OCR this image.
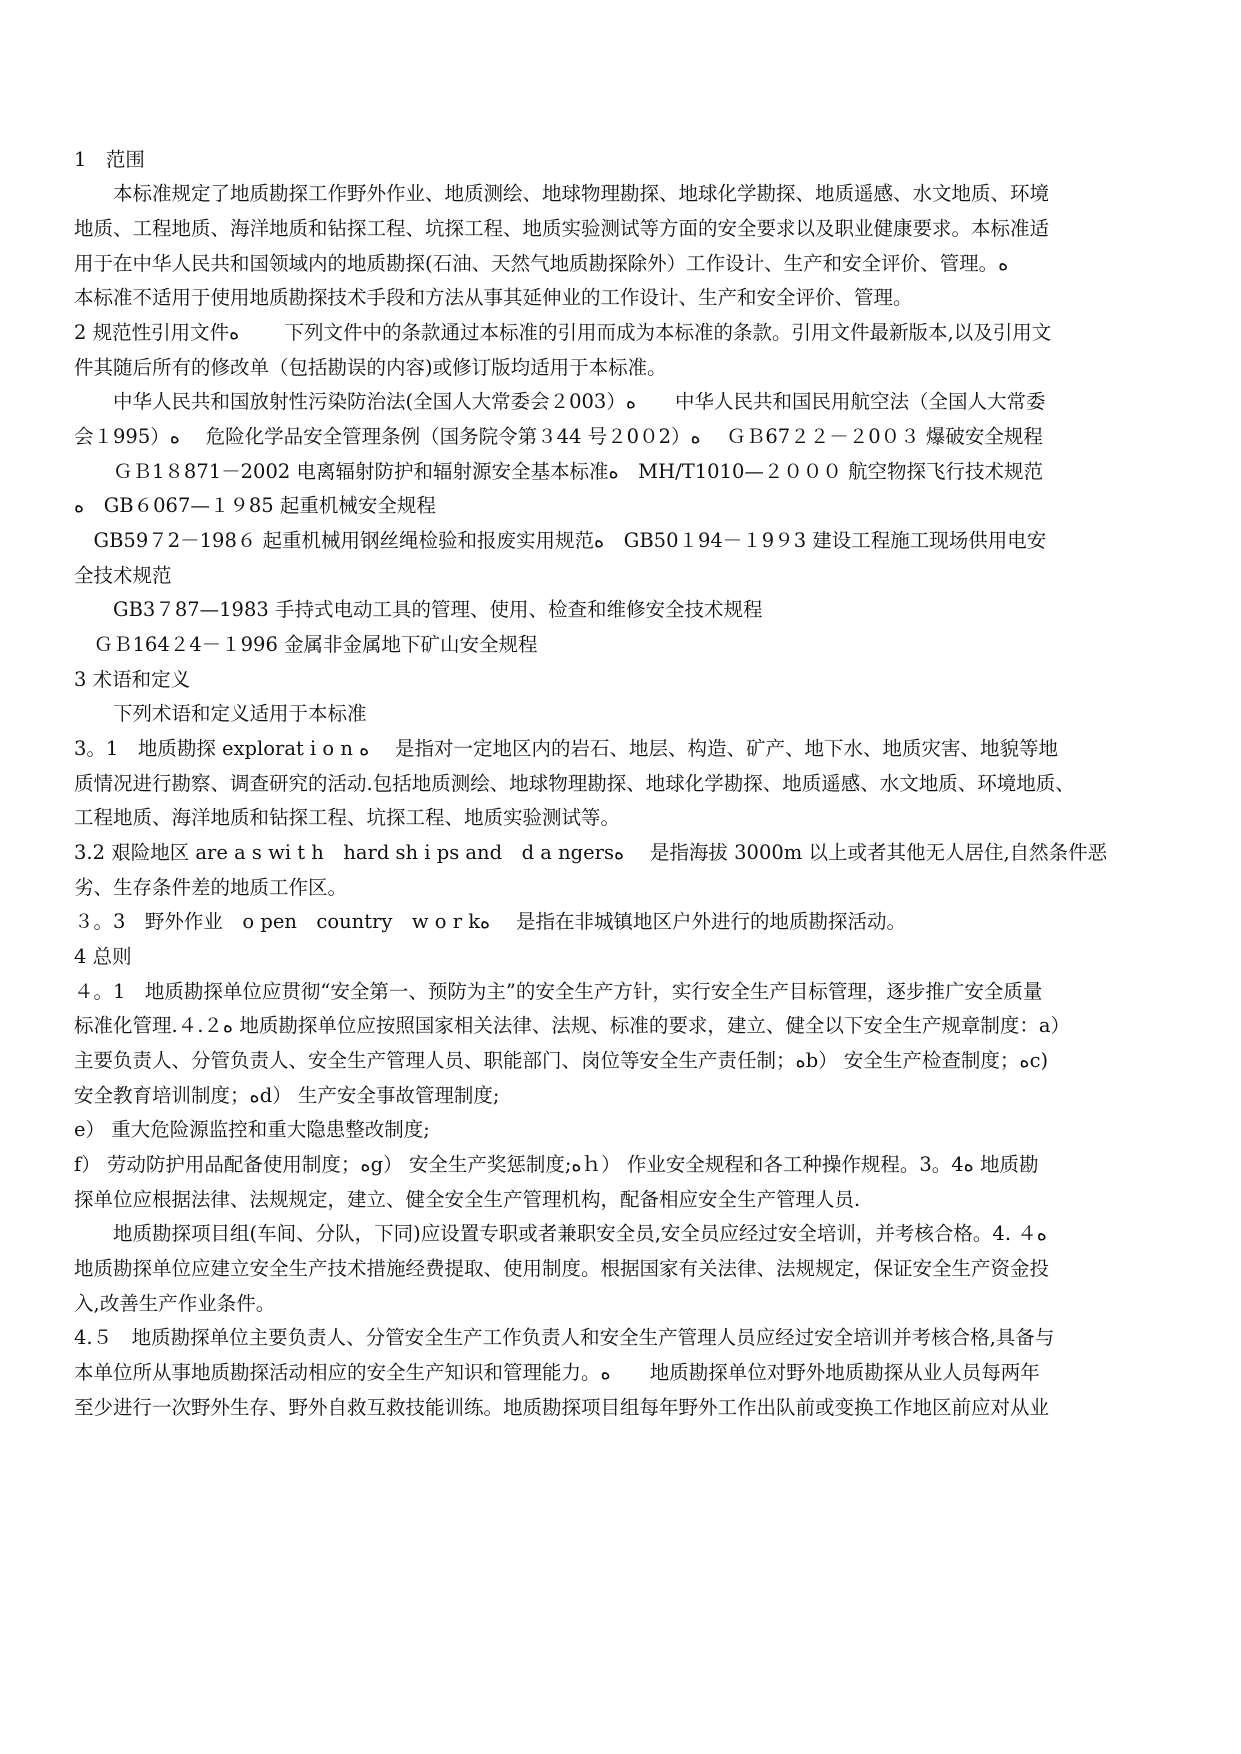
1　范围
　　本标准规定了地质勘探工作野外作业、地质测绘、地球物理勘探、地球化学勘探、地质遥感、水文地质、环境
地质、工程地质、海洋地质和钻探工程、坑探工程、地质实验测试等方面的安全要求以及职业健康要求。本标准适
用于在中华人民共和国领域内的地质勘探(石油、天然气地质勘探除外）工作设计、生产和安全评价、管理。ە
本标准不适用于使用地质勘探技术手段和方法从事其延伸业的工作设计、生产和安全评价、管理。
2 规范性引用文件ە　　 下列文件中的条款通过本标准的引用而成为本标准的条款。引用文件最新版本,以及引用文
件其随后所有的修改单（包括勘误的内容)或修订版均适用于本标准。
　　中华人民共和国放射性污染防治法(全国人大常委会２003）ە　　中华人民共和国民用航空法（全国人大常委
会１995）ە　 危险化学品安全管理条例（国务院令第３44 号２0０2）ە　 ＧＢ67２２－２0０３ 爆破安全规程
　　ＧＢ1８871－2002 电离辐射防护和辐射源安全基本标准ە　MH/T1010—２０００ 航空物探飞行技术规范
ە　GB６067—１９85 起重机械安全规程
　GB59７2－198６ 起重机械用钢丝绳检验和报废实用规范ە　GB50１94－１9９3 建设工程施工现场供用电安
全技术规范
　　GB3７87—1983 手持式电动工具的管理、使用、检查和维修安全技术规程
　ＧＢ164２4－１996 金属非金属地下矿山安全规程
3 术语和定义
　　下列术语和定义适用于本标准
3。1　地质勘探 explorat i o n ە　 是指对一定地区内的岩石、地层、构造、矿产、地下水、地质灾害、地貌等地
质情况进行勘察、调查研究的活动.包括地质测绘、地球物理勘探、地球化学勘探、地质遥感、水文地质、环境地质、
工程地质、海洋地质和钻探工程、坑探工程、地质实验测试等。
3.2 艰险地区 are a s wi t h　hard sh i ps and　d a ngersە　 是指海拔 3000m 以上或者其他无人居住,自然条件恶
劣、生存条件差的地质工作区。
３。3　野外作业　o pen　country　w o r kە　 是指在非城镇地区户外进行的地质勘探活动。
4 总则
４。1　地质勘探单位应贯彻“安全第一、预防为主”的安全生产方针，实行安全生产目标管理，逐步推广安全质量
标准化管理.４.２ە 地质勘探单位应按照国家相关法律、法规、标准的要求，建立、健全以下安全生产规章制度：a）
主要负责人、分管负责人、安全生产管理人员、职能部门、岗位等安全生产责任制；ەb） 安全生产检查制度；ەc)
安全教育培训制度；ەd） 生产安全事故管理制度;
e） 重大危险源监控和重大隐患整改制度;
f） 劳动防护用品配备使用制度；ەg） 安全生产奖惩制度;ەｈ） 作业安全规程和各工种操作规程。3。4ە 地质勘
探单位应根据法律、法规规定，建立、健全安全生产管理机构，配备相应安全生产管理人员.
　　地质勘探项目组(车间、分队，下同)应设置专职或者兼职安全员,安全员应经过安全培训，并考核合格。4. ４ە
地质勘探单位应建立安全生产技术措施经费提取、使用制度。根据国家有关法律、法规规定，保证安全生产资金投
入,改善生产作业条件。
4.５　地质勘探单位主要负责人、分管安全生产工作负责人和安全生产管理人员应经过安全培训并考核合格,具备与
本单位所从事地质勘探活动相应的安全生产知识和管理能力。ە　　地质勘探单位对野外地质勘探从业人员每两年
至少进行一次野外生存、野外自救互救技能训练。地质勘探项目组每年野外工作出队前或变换工作地区前应对从业
